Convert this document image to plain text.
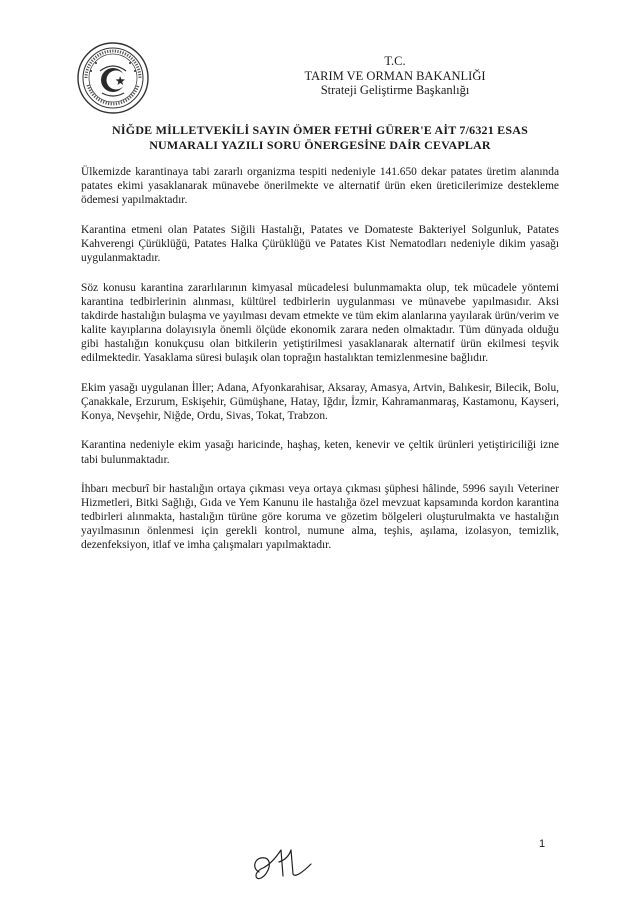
T.C.
TARIM VE ORMAN BAKANLIĞI
Strateji Geliştirme Başkanlığı
NİĞDE MİLLETVEKİLİ SAYIN ÖMER FETHİ GÜRER'E AİT 7/6321 ESAS
NUMARALI YAZILI SORU ÖNERGESİNE DAİR CEVAPLAR

Ülkemizde karantinaya tabi zararlı organizma tespiti nedeniyle 141.650 dekar patates üretim alanında patates ekimi yasaklanarak münavebe önerilmekte ve alternatif ürün eken üreticilerimize destekleme ödemesi yapılmaktadır.

Karantina etmeni olan Patates Siğili Hastalığı, Patates ve Domateste Bakteriyel Solgunluk, Patates Kahverengi Çürüklüğü, Patates Halka Çürüklüğü ve Patates Kist Nematodları nedeniyle dikim yasağı uygulanmaktadır.

Söz konusu karantina zararlılarının kimyasal mücadelesi bulunmamakta olup, tek mücadele yöntemi karantina tedbirlerinin alınması, kültürel tedbirlerin uygulanması ve münavebe yapılmasıdır. Aksi takdirde hastalığın bulaşma ve yayılması devam etmekte ve tüm ekim alanlarına yayılarak ürün/verim ve kalite kayıplarına dolayısıyla önemli ölçüde ekonomik zarara neden olmaktadır. Tüm dünyada olduğu gibi hastalığın konukçusu olan bitkilerin yetiştirilmesi yasaklanarak alternatif ürün ekilmesi teşvik edilmektedir. Yasaklama süresi bulaşık olan toprağın hastalıktan temizlenmesine bağlıdır.

Ekim yasağı uygulanan İller; Adana, Afyonkarahisar, Aksaray, Amasya, Artvin, Balıkesir, Bilecik, Bolu, Çanakkale, Erzurum, Eskişehir, Gümüşhane, Hatay, Iğdır, İzmir, Kahramanmaraş, Kastamonu, Kayseri, Konya, Nevşehir, Niğde, Ordu, Sivas, Tokat, Trabzon.

Karantina nedeniyle ekim yasağı haricinde, haşhaş, keten, kenevir ve çeltik ürünleri yetiştiriciliği izne tabi bulunmaktadır.

İhbarı mecburî bir hastalığın ortaya çıkması veya ortaya çıkması şüphesi hâlinde, 5996 sayılı Veteriner Hizmetleri, Bitki Sağlığı, Gıda ve Yem Kanunu ile hastalığa özel mevzuat kapsamında kordon karantina tedbirleri alınmakta, hastalığın türüne göre koruma ve gözetim bölgeleri oluşturulmakta ve hastalığın yayılmasının önlenmesi için gerekli kontrol, numune alma, teşhis, aşılama, izolasyon, temizlik, dezenfeksiyon, itlaf ve imha çalışmaları yapılmaktadır.

1
